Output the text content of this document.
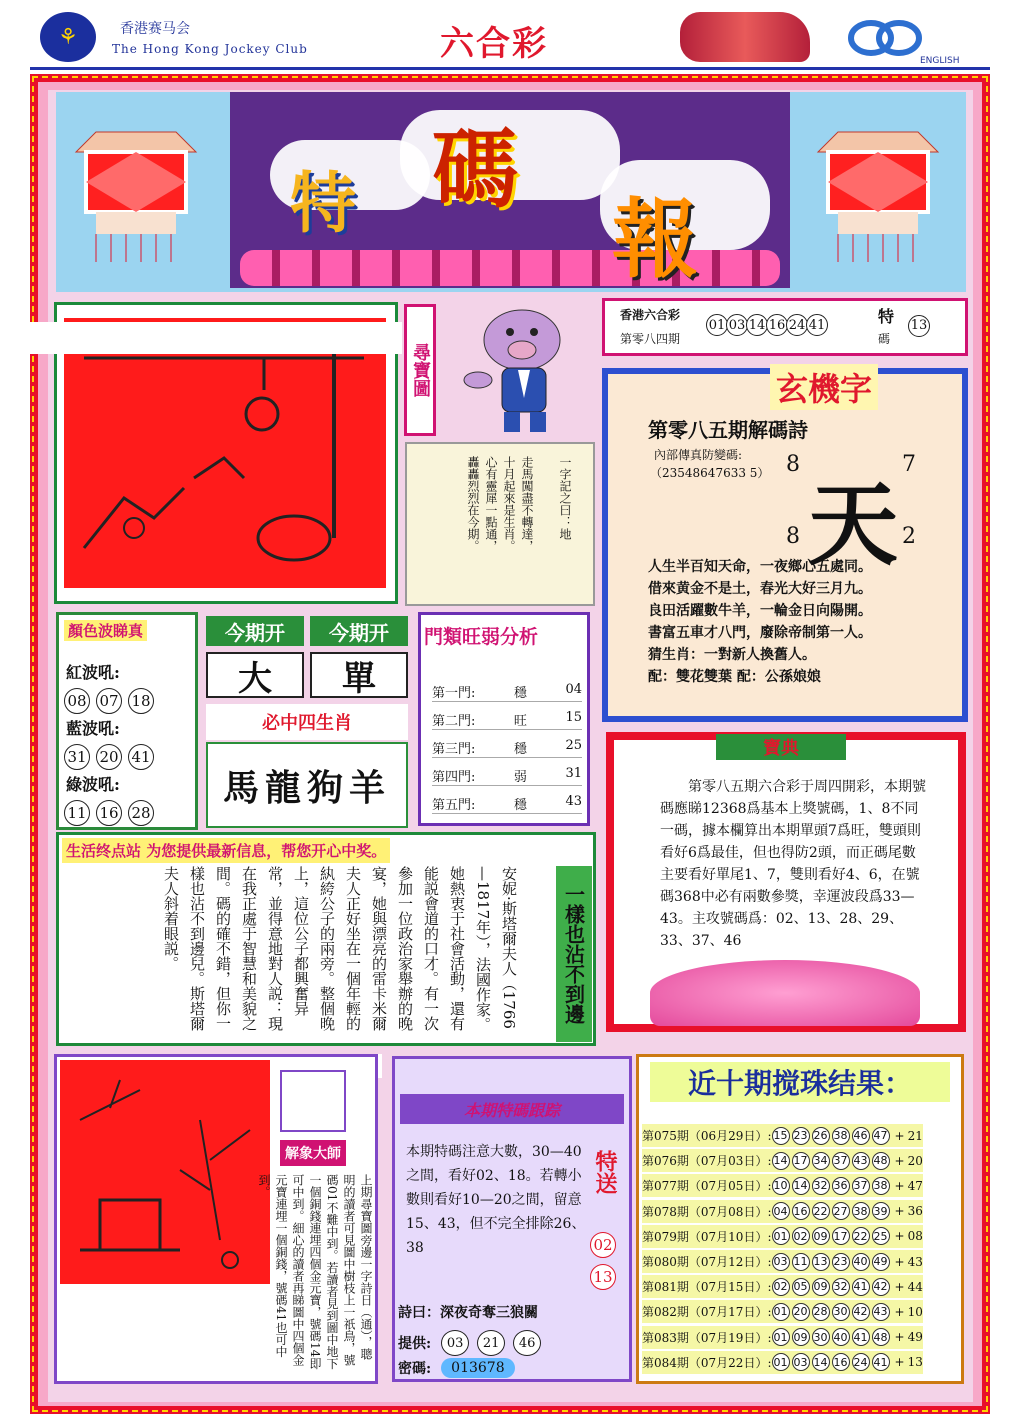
⚘	香港赛马会
The Hong Kong Jockey Club	六合彩	ENGLISH
特 碼
報
尋寶圖
一字記之曰：地
走馬闖盡不轉達，
十月起來是生肖。
心有靈犀一點通，
轟轟烈烈在今期。
香港六合彩
第零八四期
01 03 14 16 24 41	特
碼
13
玄機字
第零八五期解碼詩
內部傳真防變碼:
（23548647633 5） 天
8	7
8	2
人生半百知天命，一夜鄉心五處同。
借來黄金不是土，春光大好三月九。
良田活躍數牛羊，一輪金日向陽開。
書富五車才八門，廢除帝制第一人。
猜生肖：一對新人換舊人。
配：雙花雙葉 配：公孫娘娘
顏色波睇真
紅波吼:
08 07 18
藍波吼:
31 20 41
綠波吼:
11 16 28
今期开	今期开
大	單
必中四生肖
馬龍狗羊
門類旺弱分析
第一門:	穩	04
第二門:	旺	15
第三門:	穩	25
第四門:	弱	31
第五門:	穩	43
寶典
第零八五期六合彩于周四開彩，本期號碼應睇12368爲基本上獎號碼，1、8不同一碼，據本欄算出本期單頭7爲旺，雙頭則看好6爲最佳，但也得防2頭，而正碼尾數主要看好單尾1、7，雙則看好4、6，在號碼368中必有兩數參獎，幸運波段爲33—43。主攻號碼爲：02、13、28、29、33、37、46
生活终点站 为您提供最新信息，帮您开心中奖。
安妮·斯塔爾夫人（1766—1817年），法國作家。她熱衷于社會活動，還有能説會道的口才。有一次參加一位政治家舉辦的晚宴，她與漂亮的雷卡米爾夫人正好坐在一個年輕的紈絝公子的兩旁。整個晚上，這位公子都興奮异常，並得意地對人説：現在我正處于智慧和美貌之間。碼的確不錯，但你一樣也沾不到邊兒。斯塔爾夫人斜着眼説。	一樣也沾不到邊
解象大師
上期尋寶圖旁邊一字詩日（通），聰明的讀者可見圖中樹枝上一祇鳥，號碼01不難中到。若讀者見到圖中地下一個銅錢連埋四個金元寶，號碼14即可中到。細心的讀者再睇圖中四個金元寶連埋一個銅錢，號碼41也可中到。
本期特碼跟踪
本期特碼注意大數，30—40之間，看好02、18。若轉小數則看好10—20之間，留意15、43，但不完全排除26、38
特送
02
13
詩曰：深夜奇奪三狼關
提供:	03	21	46
密碼:	013678
近十期搅珠结果：
第075期（06月29日）: 15 23 26 38 46 47 + 21
第076期（07月03日）: 14 17 34 37 43 48 + 20
第077期（07月05日）: 10 14 32 36 37 38 + 47
第078期（07月08日）: 04 16 22 27 38 39 + 36
第079期（07月10日）: 01 02 09 17 22 25 + 08
第080期（07月12日）: 03 11 13 23 40 49 + 43
第081期（07月15日）: 02 05 09 32 41 42 + 44
第082期（07月17日）: 01 20 28 30 42 43 + 10
第083期（07月19日）: 01 09 30 40 41 48 + 49
第084期（07月22日）: 01 03 14 16 24 41 + 13
